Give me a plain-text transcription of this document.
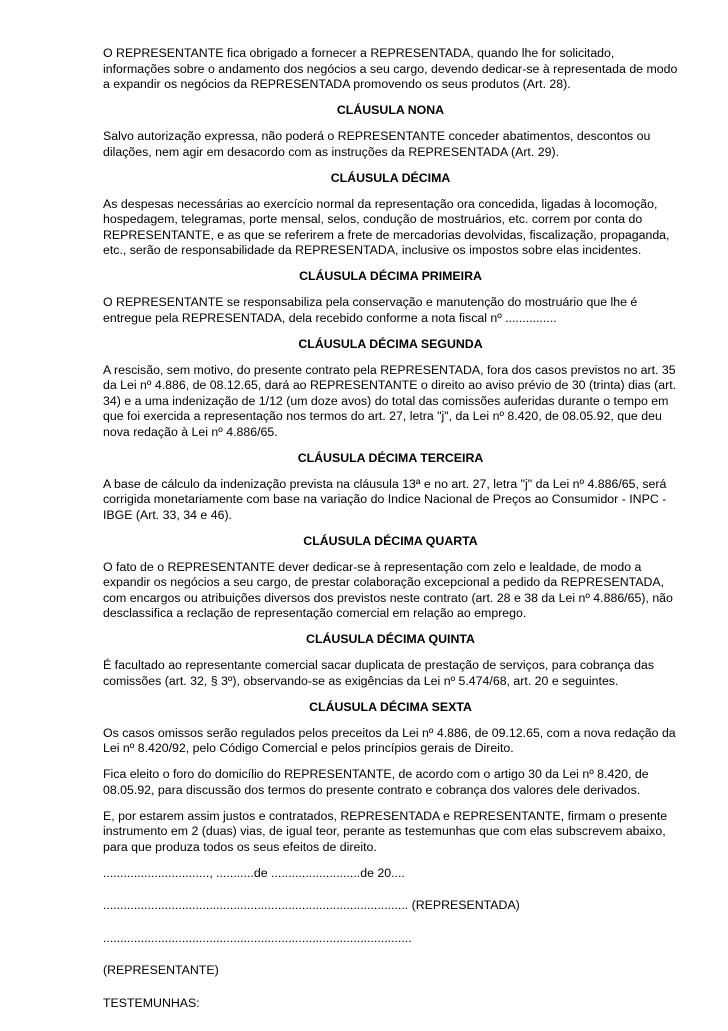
O REPRESENTANTE fica obrigado a fornecer a REPRESENTADA, quando lhe for solicitado, informações sobre o andamento dos negócios a seu cargo, devendo dedicar-se à representada de modo a expandir os negócios da REPRESENTADA promovendo os seus produtos (Art. 28).

CLÁUSULA NONA

Salvo autorização expressa, não poderá o REPRESENTANTE conceder abatimentos, descontos ou dilações, nem agir em desacordo com as instruções da REPRESENTADA (Art. 29).

CLÁUSULA DÉCIMA

As despesas necessárias ao exercício normal da representação ora concedida, ligadas à locomoção, hospedagem, telegramas, porte mensal, selos, condução de mostruários, etc. correm por conta do REPRESENTANTE, e as que se referirem a frete de mercadorias devolvidas, fiscalização, propaganda, etc., serão de responsabilidade da REPRESENTADA, inclusive os impostos sobre elas incidentes.

CLÁUSULA DÉCIMA PRIMEIRA

O REPRESENTANTE se responsabiliza pela conservação e manutenção do mostruário que lhe é entregue pela REPRESENTADA, dela recebido conforme a nota fiscal nº ...............

CLÁUSULA DÉCIMA SEGUNDA

A rescisão, sem motivo, do presente contrato pela REPRESENTADA, fora dos casos previstos no art. 35 da Lei nº 4.886, de 08.12.65, dará ao REPRESENTANTE o direito ao aviso prévio de 30 (trinta) dias (art. 34) e a uma indenização de 1/12 (um doze avos) do total das comissões auferidas durante o tempo em que foi exercida a representação nos termos do art. 27, letra "j", da Lei nº 8.420, de 08.05.92, que deu nova redação à Lei nº 4.886/65.

CLÁUSULA DÉCIMA TERCEIRA

A base de cálculo da indenização prevista na cláusula 13ª e no art. 27, letra "j" da Lei nº 4.886/65, será corrigida monetariamente com base na variação do Indice Nacional de Preços ao Consumidor - INPC - IBGE (Art. 33, 34 e 46).

CLÁUSULA DÉCIMA QUARTA

O fato de o REPRESENTANTE dever dedicar-se à representação com zelo e lealdade, de modo a expandir os negócios a seu cargo, de prestar colaboração excepcional a pedido da REPRESENTADA, com encargos ou atribuições diversos dos previstos neste contrato (art. 28 e 38 da Lei nº 4.886/65), não desclassifica a reclação de representação comercial em relação ao emprego.

CLÁUSULA DÉCIMA QUINTA

É facultado ao representante comercial sacar duplicata de prestação de serviços, para cobrança das comissões (art. 32, § 3º), observando-se as exigências da Lei nº 5.474/68, art. 20 e seguintes.

CLÁUSULA DÉCIMA SEXTA

Os casos omissos serão regulados pelos preceitos da Lei nº 4.886, de 09.12.65, com a nova redação da Lei nº 8.420/92, pelo Código Comercial e pelos princípios gerais de Direito.

Fica eleito o foro do domicílio do REPRESENTANTE, de acordo com o artigo 30 da Lei nº 8.420, de 08.05.92, para discussão dos termos do presente contrato e cobrança dos valores dele derivados.

E, por estarem assim justos e contratados, REPRESENTADA e REPRESENTANTE, firmam o presente instrumento em 2 (duas) vias, de igual teor, perante as testemunhas que com elas subscrevem abaixo, para que produza todos os seus efeitos de direito.

..............................., ...........de ..........................de 20....
......................................................................................... (REPRESENTADA)
..........................................................................................
(REPRESENTANTE)
TESTEMUNHAS:
